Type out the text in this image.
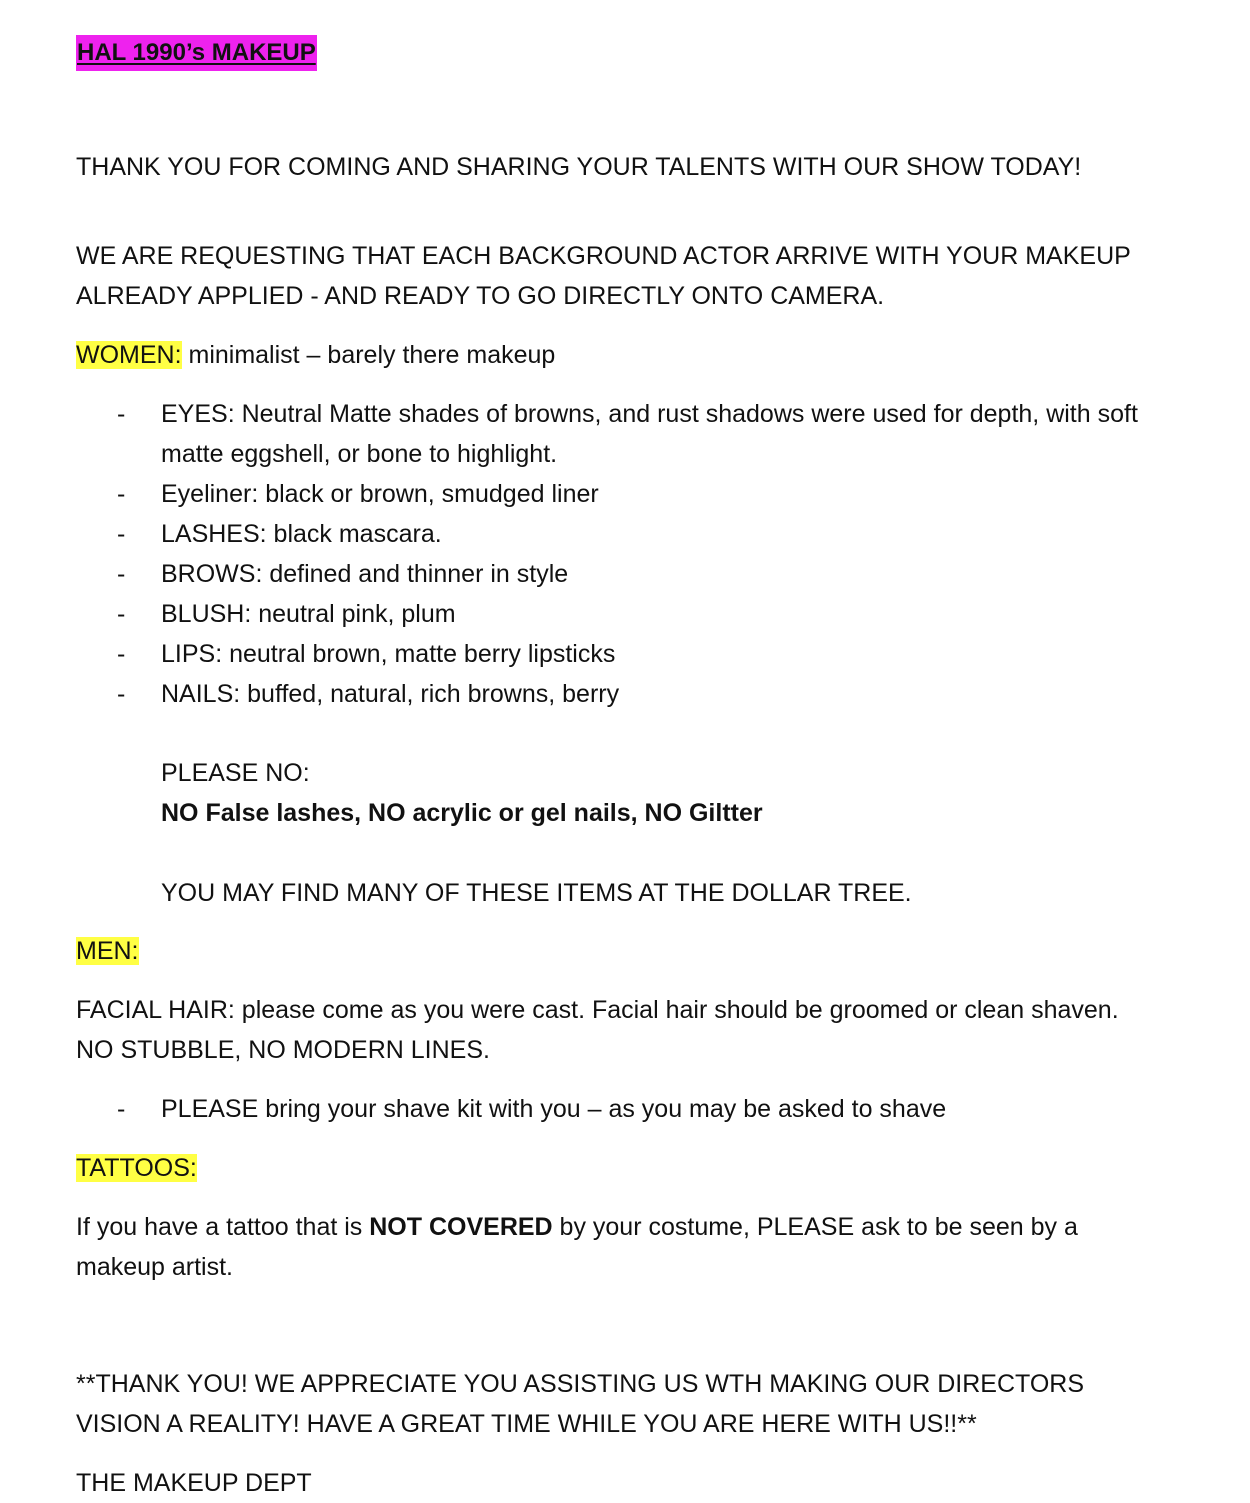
HAL 1990’s MAKEUP

THANK YOU FOR COMING AND SHARING YOUR TALENTS WITH OUR SHOW TODAY!

WE ARE REQUESTING THAT EACH BACKGROUND ACTOR ARRIVE WITH YOUR MAKEUP ALREADY APPLIED - AND READY TO GO DIRECTLY ONTO CAMERA.

WOMEN: minimalist – barely there makeup

- EYES: Neutral Matte shades of browns, and rust shadows were used for depth, with soft matte eggshell, or bone to highlight.
- Eyeliner: black or brown, smudged liner
- LASHES: black mascara.
- BROWS: defined and thinner in style
- BLUSH: neutral pink, plum
- LIPS: neutral brown, matte berry lipsticks
- NAILS: buffed, natural, rich browns, berry

PLEASE NO:

NO False lashes, NO acrylic or gel nails, NO Giltter

YOU MAY FIND MANY OF THESE ITEMS AT THE DOLLAR TREE.

MEN:

FACIAL HAIR: please come as you were cast. Facial hair should be groomed or clean shaven. NO STUBBLE, NO MODERN LINES.

- PLEASE bring your shave kit with you – as you may be asked to shave

TATTOOS:

If you have a tattoo that is NOT COVERED by your costume, PLEASE ask to be seen by a makeup artist.

**THANK YOU! WE APPRECIATE YOU ASSISTING US WTH MAKING OUR DIRECTORS VISION A REALITY! HAVE A GREAT TIME WHILE YOU ARE HERE WITH US!!**

THE MAKEUP DEPT
